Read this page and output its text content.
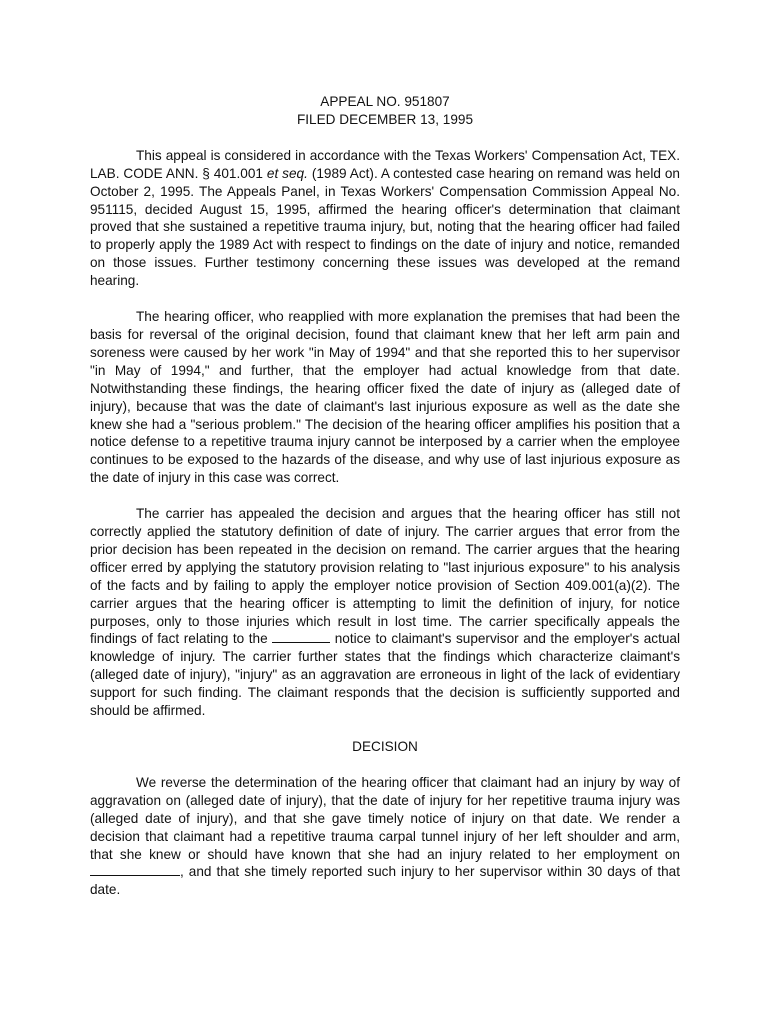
APPEAL NO. 951807

FILED DECEMBER 13, 1995

This appeal is considered in accordance with the Texas Workers' Compensation Act, TEX. LAB. CODE ANN. § 401.001 et seq. (1989 Act). A contested case hearing on remand was held on October 2, 1995. The Appeals Panel, in Texas Workers' Compensation Commission Appeal No. 951115, decided August 15, 1995, affirmed the hearing officer's determination that claimant proved that she sustained a repetitive trauma injury, but, noting that the hearing officer had failed to properly apply the 1989 Act with respect to findings on the date of injury and notice, remanded on those issues. Further testimony concerning these issues was developed at the remand hearing.

The hearing officer, who reapplied with more explanation the premises that had been the basis for reversal of the original decision, found that claimant knew that her left arm pain and soreness were caused by her work "in May of 1994" and that she reported this to her supervisor "in May of 1994," and further, that the employer had actual knowledge from that date. Notwithstanding these findings, the hearing officer fixed the date of injury as (alleged date of injury), because that was the date of claimant's last injurious exposure as well as the date she knew she had a "serious problem." The decision of the hearing officer amplifies his position that a notice defense to a repetitive trauma injury cannot be interposed by a carrier when the employee continues to be exposed to the hazards of the disease, and why use of last injurious exposure as the date of injury in this case was correct.

The carrier has appealed the decision and argues that the hearing officer has still not correctly applied the statutory definition of date of injury. The carrier argues that error from the prior decision has been repeated in the decision on remand. The carrier argues that the hearing officer erred by applying the statutory provision relating to "last injurious exposure" to his analysis of the facts and by failing to apply the employer notice provision of Section 409.001(a)(2). The carrier argues that the hearing officer is attempting to limit the definition of injury, for notice purposes, only to those injuries which result in lost time. The carrier specifically appeals the findings of fact relating to the	notice to claimant's supervisor and the employer's actual knowledge of injury. The carrier further states that the findings which characterize claimant's (alleged date of injury), "injury" as an aggravation are erroneous in light of the lack of evidentiary support for such finding. The claimant responds that the decision is sufficiently supported and should be affirmed.

DECISION

We reverse the determination of the hearing officer that claimant had an injury by way of aggravation on (alleged date of injury), that the date of injury for her repetitive trauma injury was (alleged date of injury), and that she gave timely notice of injury on that date. We render a decision that claimant had a repetitive trauma carpal tunnel injury of her left shoulder and arm, that she knew or should have known that she had an injury related to her employment on , and that she timely reported such injury to her supervisor within 30 days of that date.
